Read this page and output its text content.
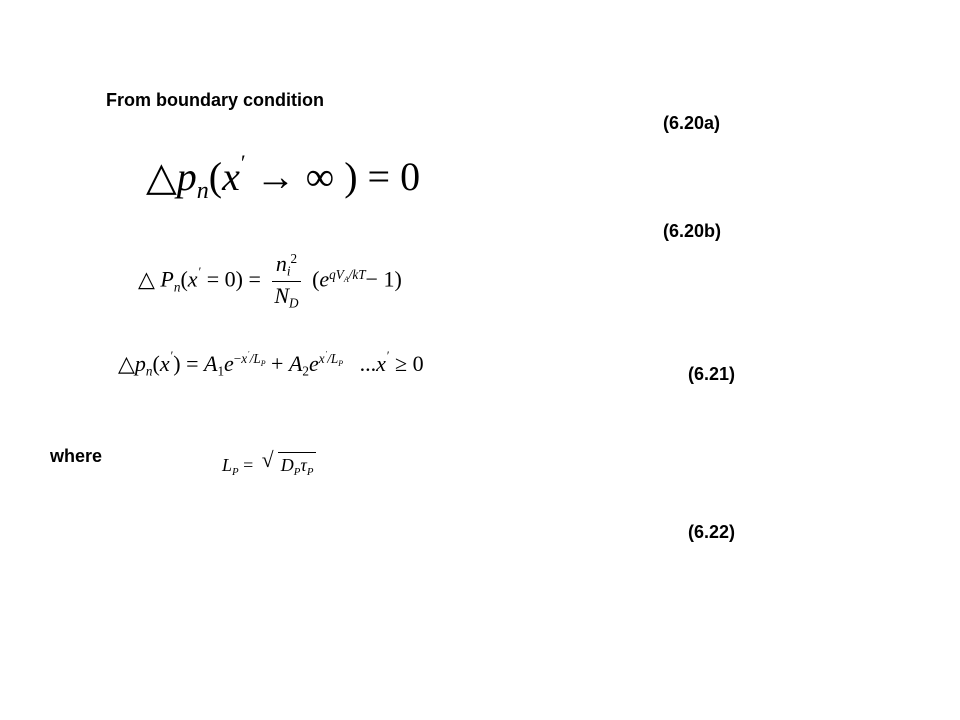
From boundary condition
(6.20a)
(6.20b)
(6.21)
where
(6.22)
$\triangle p_n(x'$ → ∞ ) = 0
△ $P_n(x' = 0) = \frac{n_i^2}{N_D} (e^{qV_A/kT}- 1)$
$\triangle p_n(x') = A_1e^{-x'/L_P} + A_2e^{x'/L_P}$   ...x′ ≥ 0
$L_P$ = √ $D_P\tau_P$
